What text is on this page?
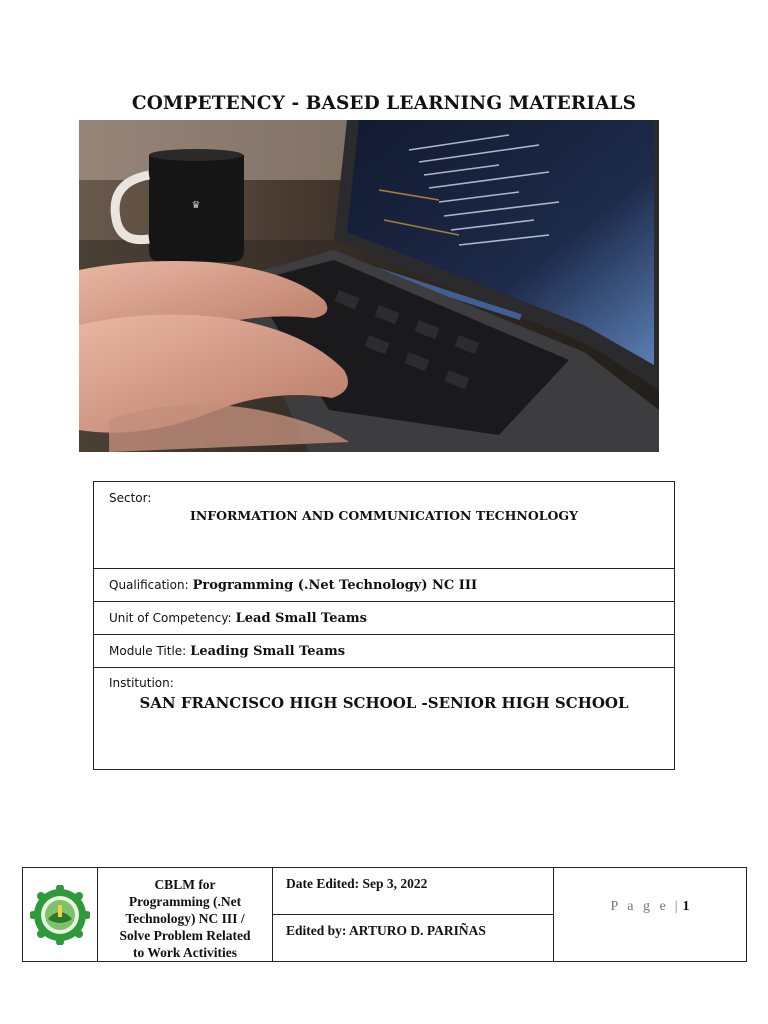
COMPETENCY - BASED LEARNING MATERIALS
♛
Sector:
INFORMATION AND COMMUNICATION TECHNOLOGY
Qualification: Programming (.Net Technology) NC III
Unit of Competency: Lead Small Teams
Module Title: Leading Small Teams
Institution:
SAN FRANCISCO HIGH SCHOOL -SENIOR HIGH SCHOOL
CBLM for
Programming (.Net
Technology) NC III /
Solve Problem Related
to Work Activities
Date Edited: Sep 3, 2022
Edited by: ARTURO D. PARIÑAS
P a g e | 1
